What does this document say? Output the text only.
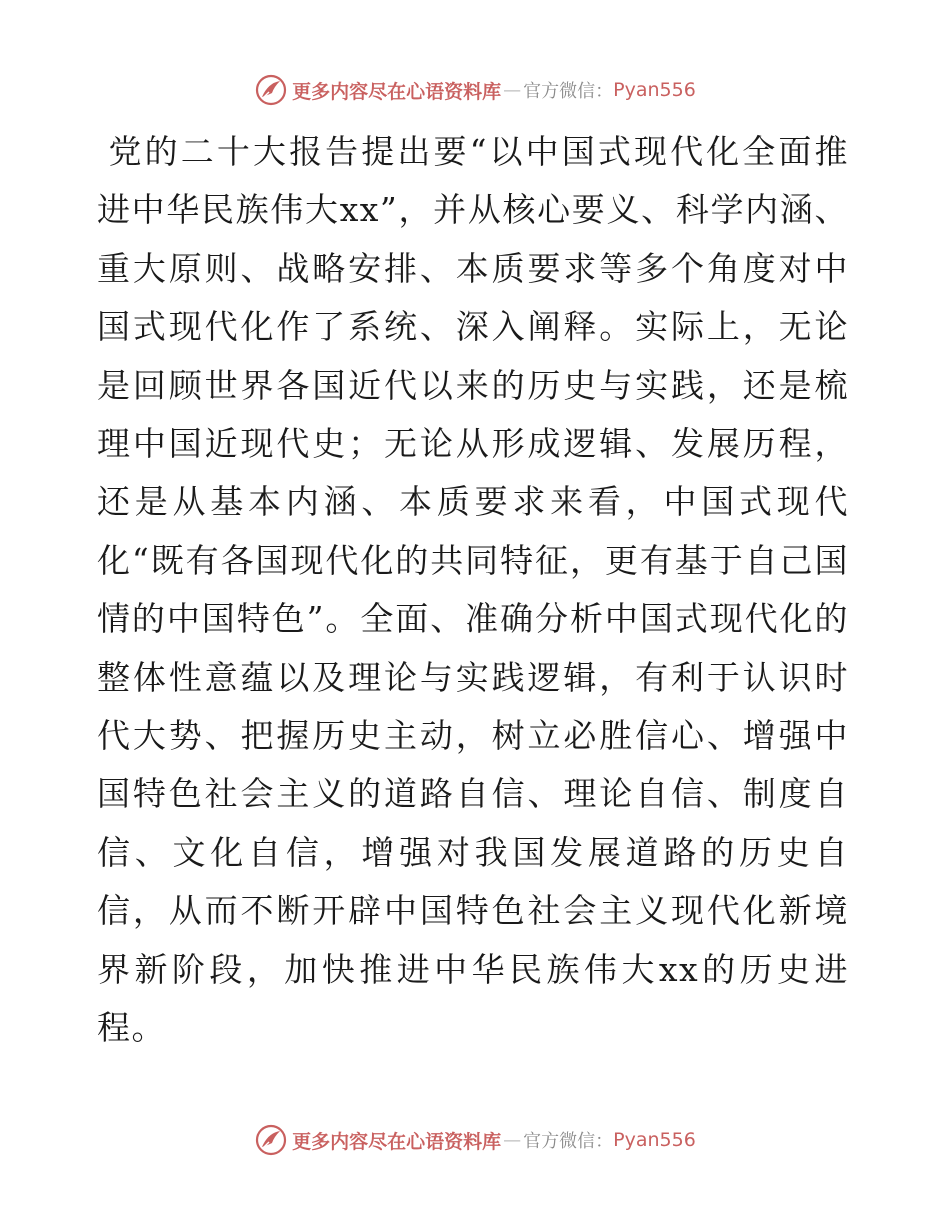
更多内容尽在心语资料库 — 官方微信： Pyan556

党的二十大报告提出要“以中国式现代化全面推进中华民族伟大xx”，并从核心要义、科学内涵、重大原则、战略安排、本质要求等多个角度对中国式现代化作了系统、深入阐释。实际上，无论是回顾世界各国近代以来的历史与实践，还是梳理中国近现代史；无论从形成逻辑、发展历程，还是从基本内涵、本质要求来看，中国式现代化“既有各国现代化的共同特征，更有基于自己国情的中国特色”。全面、准确分析中国式现代化的整体性意蕴以及理论与实践逻辑，有利于认识时代大势、把握历史主动，树立必胜信心、增强中国特色社会主义的道路自信、理论自信、制度自信、文化自信，增强对我国发展道路的历史自信，从而不断开辟中国特色社会主义现代化新境界新阶段，加快推进中华民族伟大xx的历史进程。

更多内容尽在心语资料库 — 官方微信： Pyan556
